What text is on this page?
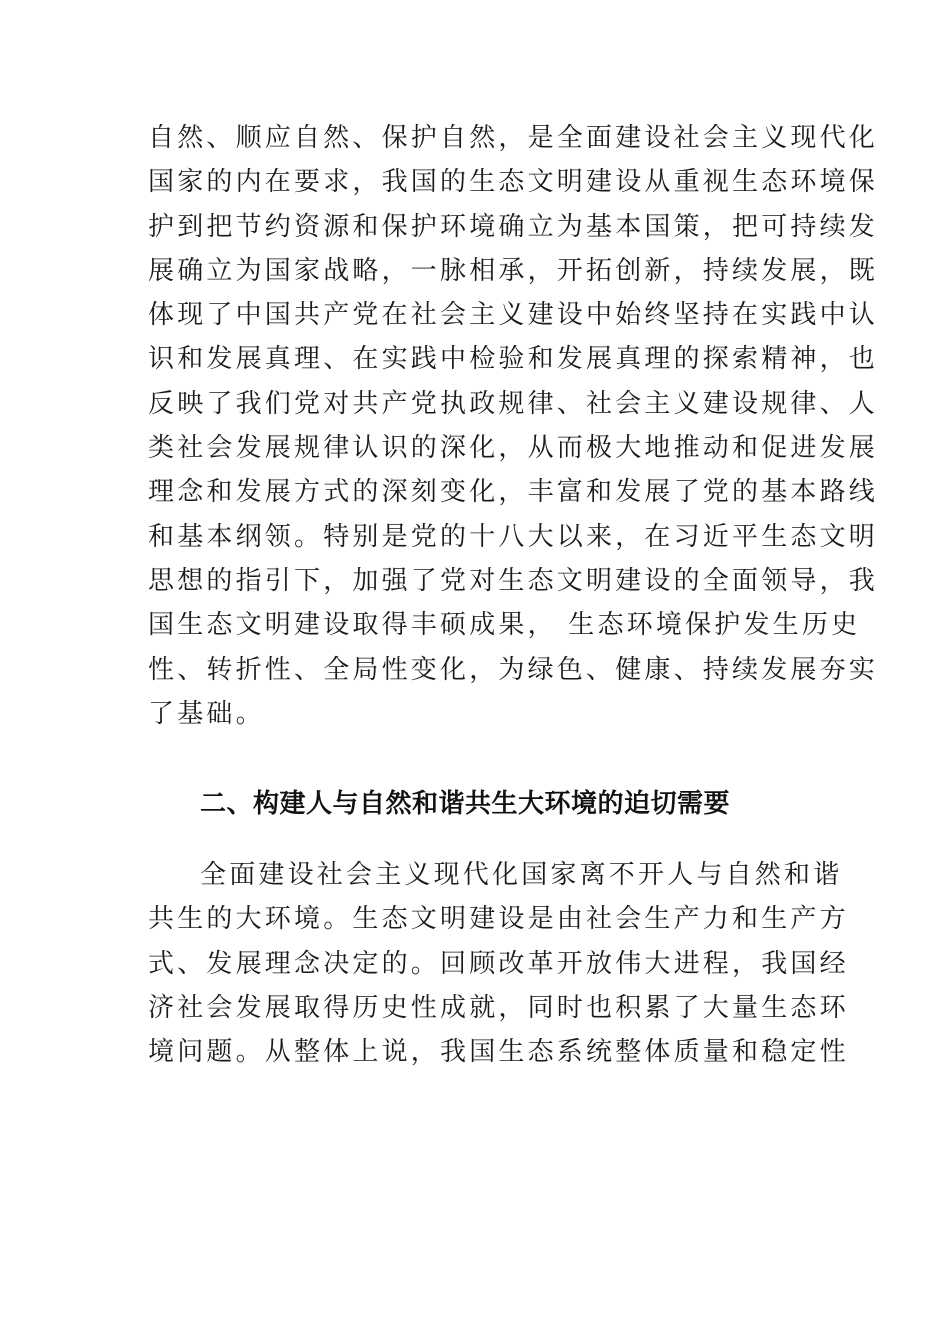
自然、顺应自然、保护自然，是全面建设社会主义现代化
国家的内在要求，我国的生态文明建设从重视生态环境保
护到把节约资源和保护环境确立为基本国策，把可持续发
展确立为国家战略，一脉相承，开拓创新，持续发展，既
体现了中国共产党在社会主义建设中始终坚持在实践中认
识和发展真理、在实践中检验和发展真理的探索精神，也
反映了我们党对共产党执政规律、社会主义建设规律、人
类社会发展规律认识的深化，从而极大地推动和促进发展
理念和发展方式的深刻变化，丰富和发展了党的基本路线
和基本纲领。特别是党的十八大以来，在习近平生态文明
思想的指引下，加强了党对生态文明建设的全面领导，我
国生态文明建设取得丰硕成果， 生态环境保护发生历史
性、转折性、全局性变化，为绿色、健康、持续发展夯实
了基础。
二、构建人与自然和谐共生大环境的迫切需要
全面建设社会主义现代化国家离不开人与自然和谐
共生的大环境。生态文明建设是由社会生产力和生产方
式、发展理念决定的。回顾改革开放伟大进程，我国经
济社会发展取得历史性成就，同时也积累了大量生态环
境问题。从整体上说，我国生态系统整体质量和稳定性
